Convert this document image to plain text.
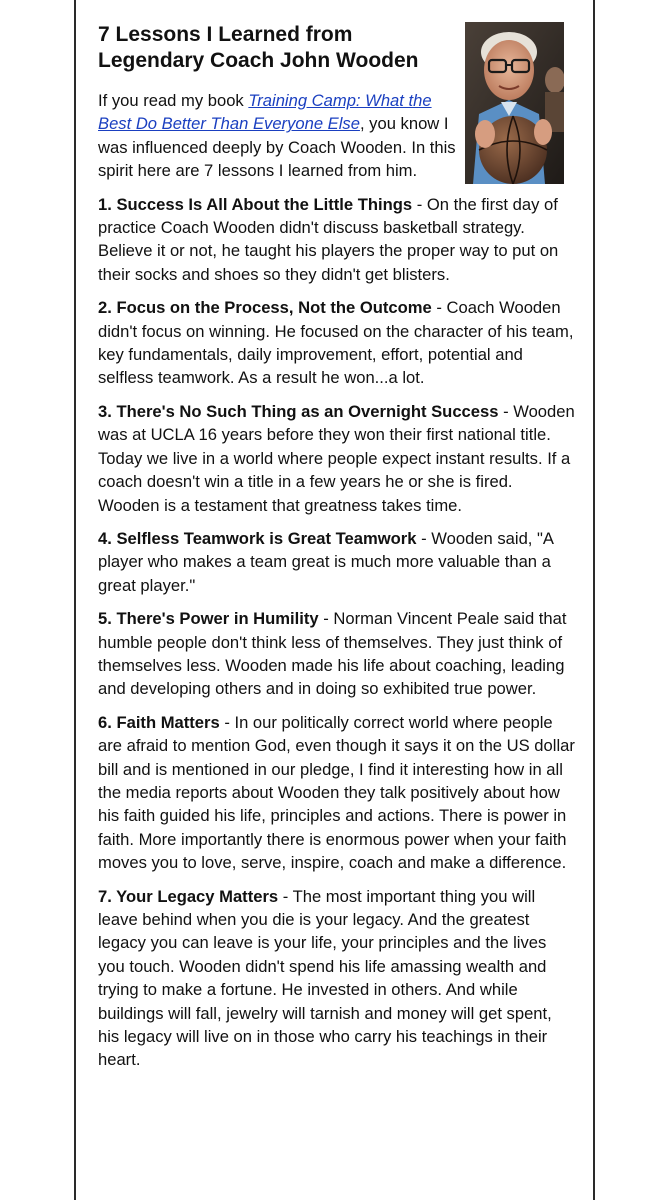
7 Lessons I Learned from
Legendary Coach John Wooden

If you read my book Training Camp: What the Best Do Better Than Everyone Else, you know I was influenced deeply by Coach Wooden. In this spirit here are 7 lessons I learned from him.

1. Success Is All About the Little Things - On the first day of practice Coach Wooden didn't discuss basketball strategy. Believe it or not, he taught his players the proper way to put on their socks and shoes so they didn't get blisters.

2. Focus on the Process, Not the Outcome - Coach Wooden didn't focus on winning. He focused on the character of his team, key fundamentals, daily improvement, effort, potential and selfless teamwork. As a result he won...a lot.

3. There's No Such Thing as an Overnight Success - Wooden was at UCLA 16 years before they won their first national title. Today we live in a world where people expect instant results. If a coach doesn't win a title in a few years he or she is fired. Wooden is a testament that greatness takes time.

4. Selfless Teamwork is Great Teamwork - Wooden said, "A player who makes a team great is much more valuable than a great player."

5. There's Power in Humility - Norman Vincent Peale said that humble people don't think less of themselves. They just think of themselves less. Wooden made his life about coaching, leading and developing others and in doing so exhibited true power.

6. Faith Matters - In our politically correct world where people are afraid to mention God, even though it says it on the US dollar bill and is mentioned in our pledge, I find it interesting how in all the media reports about Wooden they talk positively about how his faith guided his life, principles and actions. There is power in faith. More importantly there is enormous power when your faith moves you to love, serve, inspire, coach and make a difference.

7. Your Legacy Matters - The most important thing you will leave behind when you die is your legacy. And the greatest legacy you can leave is your life, your principles and the lives you touch. Wooden didn't spend his life amassing wealth and trying to make a fortune. He invested in others. And while buildings will fall, jewelry will tarnish and money will get spent, his legacy will live on in those who carry his teachings in their heart.
